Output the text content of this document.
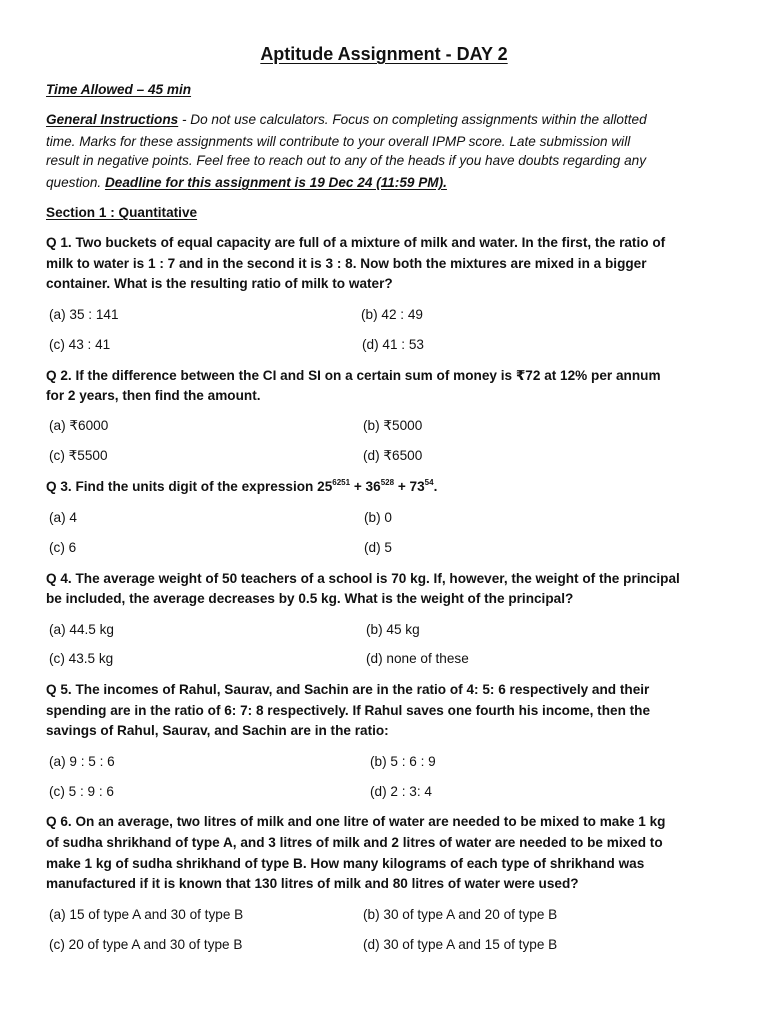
Aptitude Assignment - DAY 2
Time Allowed – 45 min
General Instructions - Do not use calculators. Focus on completing assignments within the allotted
time. Marks for these assignments will contribute to your overall IPMP score. Late submission will
result in negative points. Feel free to reach out to any of the heads if you have doubts regarding any
question. Deadline for this assignment is 19 Dec 24 (11:59 PM).
Section 1 : Quantitative
Q 1. Two buckets of equal capacity are full of a mixture of milk and water. In the first, the ratio of
milk to water is 1 : 7 and in the second it is 3 : 8. Now both the mixtures are mixed in a bigger
container. What is the resulting ratio of milk to water?
(a) 35 : 141	(b) 42 : 49
(c) 43 : 41	(d) 41 : 53
Q 2. If the difference between the CI and SI on a certain sum of money is ₹72 at 12% per annum
for 2 years, then find the amount.
(a) ₹6000	(b) ₹5000
(c) ₹5500	(d) ₹6500
Q 3. Find the units digit of the expression $25^{6251} + 36^{528} + 73^{54}$.
(a) 4	(b) 0
(c) 6	(d) 5
Q 4. The average weight of 50 teachers of a school is 70 kg. If, however, the weight of the principal
be included, the average decreases by 0.5 kg. What is the weight of the principal?
(a) 44.5 kg	(b) 45 kg
(c) 43.5 kg	(d) none of these
Q 5. The incomes of Rahul, Saurav, and Sachin are in the ratio of 4: 5: 6 respectively and their
spending are in the ratio of 6: 7: 8 respectively. If Rahul saves one fourth his income, then the
savings of Rahul, Saurav, and Sachin are in the ratio:
(a) 9 : 5 : 6	(b) 5 : 6 : 9
(c) 5 : 9 : 6	(d) 2 : 3: 4
Q 6. On an average, two litres of milk and one litre of water are needed to be mixed to make 1 kg
of sudha shrikhand of type A, and 3 litres of milk and 2 litres of water are needed to be mixed to
make 1 kg of sudha shrikhand of type B. How many kilograms of each type of shrikhand was
manufactured if it is known that 130 litres of milk and 80 litres of water were used?
(a) 15 of type A and 30 of type B	(b) 30 of type A and 20 of type B
(c) 20 of type A and 30 of type B	(d) 30 of type A and 15 of type B
